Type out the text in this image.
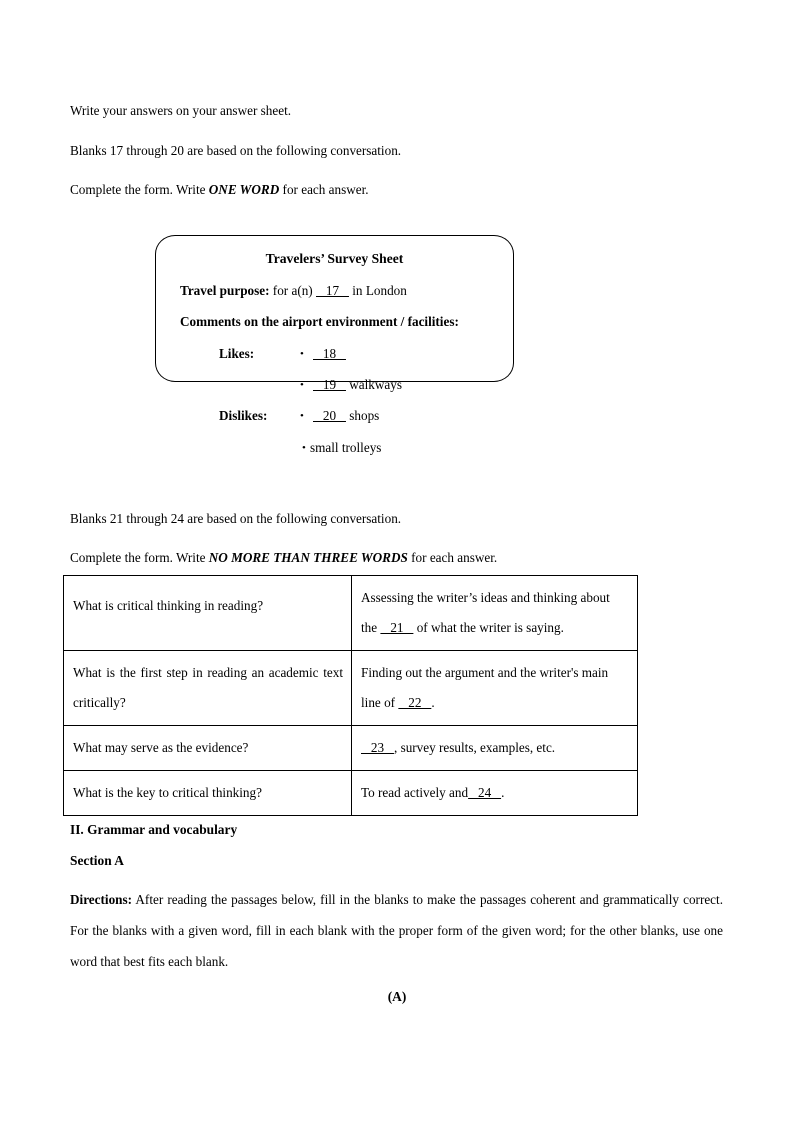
Write your answers on your answer sheet.
Blanks 17 through 20 are based on the following conversation.
Complete the form. Write ONE WORD for each answer.
Travelers’ Survey Sheet
Travel purpose: for a(n)    17    in London
Comments on the airport environment / facilities:
Likes:	•   18
•   19    walkways
Dislikes:	•   20    shops
• small trolleys
Blanks 21 through 24 are based on the following conversation.
Complete the form. Write NO MORE THAN THREE WORDS for each answer.
What is critical thinking in reading?	Assessing the writer’s ideas and thinking about the    21    of what the writer is saying.

What is the first step in reading an academic text critically?	Finding out the argument and the writer's main line of    22   .

What may serve as the evidence?	23   , survey results, examples, etc.

What is the key to critical thinking?	To read actively and   24   .
II. Grammar and vocabulary
Section A
Directions: After reading the passages below, fill in the blanks to make the passages coherent and grammatically correct. For the blanks with a given word, fill in each blank with the proper form of the given word; for the other blanks, use one word that best fits each blank.
(A)
